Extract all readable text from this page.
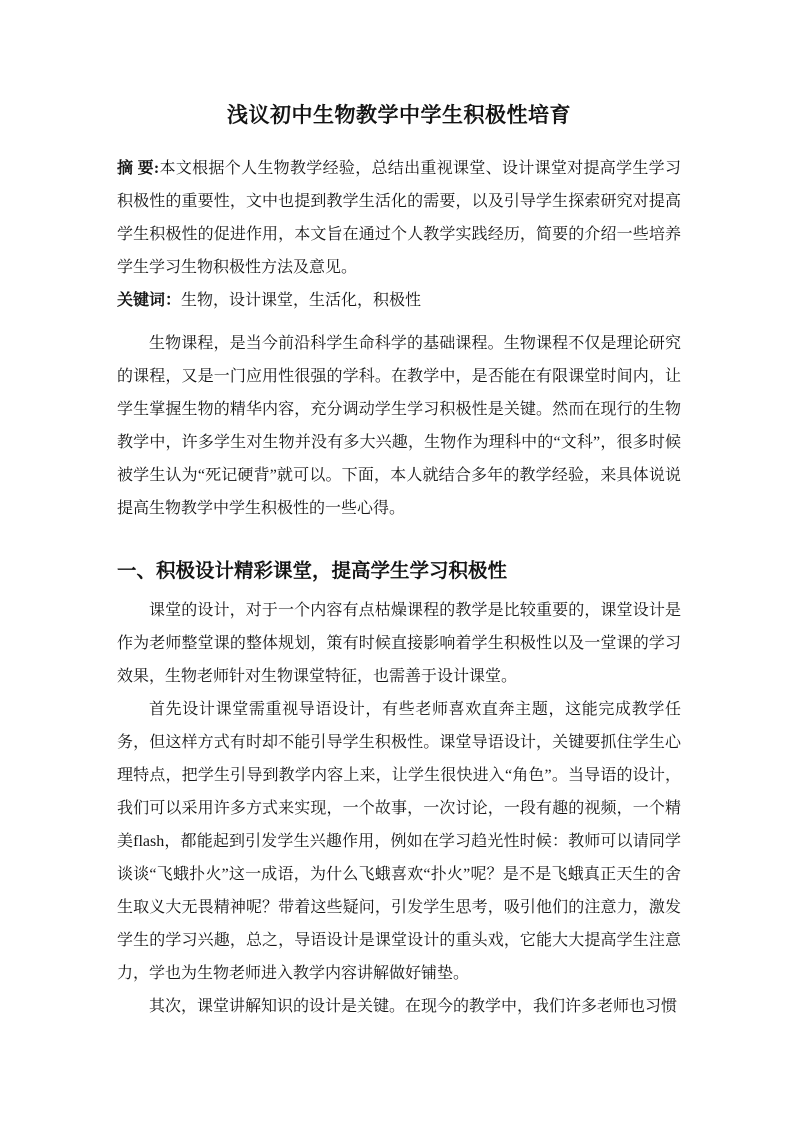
浅议初中生物教学中学生积极性培育

摘 要:本文根据个人生物教学经验，总结出重视课堂、设计课堂对提高学生学习积极性的重要性，文中也提到教学生活化的需要，以及引导学生探索研究对提高学生积极性的促进作用，本文旨在通过个人教学实践经历，简要的介绍一些培养学生学习生物积极性方法及意见。

关键词：生物，设计课堂，生活化，积极性

生物课程，是当今前沿科学生命科学的基础课程。生物课程不仅是理论研究的课程，又是一门应用性很强的学科。在教学中，是否能在有限课堂时间内，让学生掌握生物的精华内容，充分调动学生学习积极性是关键。然而在现行的生物教学中，许多学生对生物并没有多大兴趣，生物作为理科中的“文科”，很多时候被学生认为“死记硬背”就可以。下面，本人就结合多年的教学经验，来具体说说提高生物教学中学生积极性的一些心得。

一、积极设计精彩课堂，提高学生学习积极性

课堂的设计，对于一个内容有点枯燥课程的教学是比较重要的，课堂设计是作为老师整堂课的整体规划，策有时候直接影响着学生积极性以及一堂课的学习效果，生物老师针对生物课堂特征，也需善于设计课堂。

首先设计课堂需重视导语设计，有些老师喜欢直奔主题，这能完成教学任务，但这样方式有时却不能引导学生积极性。课堂导语设计，关键要抓住学生心理特点，把学生引导到教学内容上来，让学生很快进入“角色”。当导语的设计，我们可以采用许多方式来实现，一个故事，一次讨论，一段有趣的视频，一个精美flash，都能起到引发学生兴趣作用，例如在学习趋光性时候：教师可以请同学谈谈“飞蛾扑火”这一成语，为什么飞蛾喜欢“扑火”呢？是不是飞蛾真正天生的舍生取义大无畏精神呢？带着这些疑问，引发学生思考，吸引他们的注意力，激发学生的学习兴趣，总之，导语设计是课堂设计的重头戏，它能大大提高学生注意力，学也为生物老师进入教学内容讲解做好铺垫。

其次，课堂讲解知识的设计是关键。在现今的教学中，我们许多老师也习惯
